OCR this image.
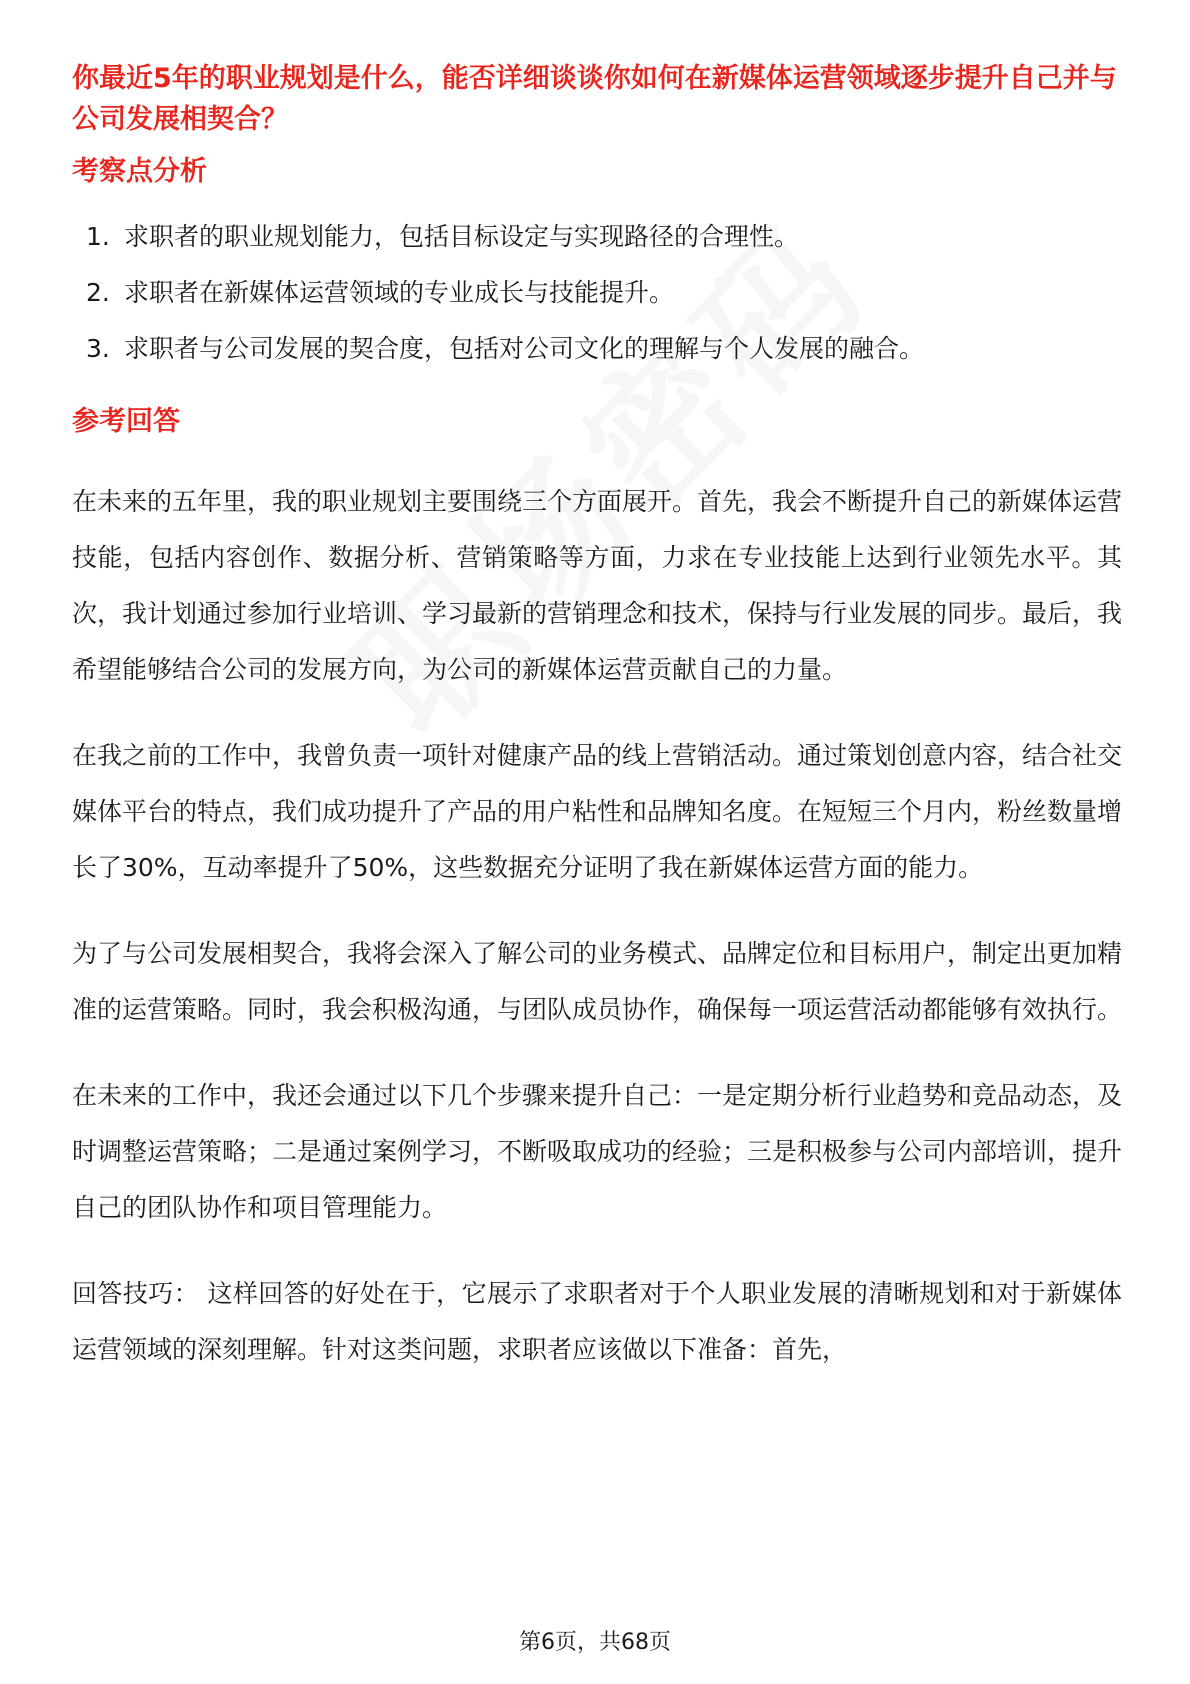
你最近5年的职业规划是什么，能否详细谈谈你如何在新媒体运营领域逐步提升自己并与公司发展相契合？
考察点分析
1. 求职者的职业规划能力，包括目标设定与实现路径的合理性。
2. 求职者在新媒体运营领域的专业成长与技能提升。
3. 求职者与公司发展的契合度，包括对公司文化的理解与个人发展的融合。
参考回答

在未来的五年里，我的职业规划主要围绕三个方面展开。首先，我会不断提升自己的新媒体运营技能，包括内容创作、数据分析、营销策略等方面，力求在专业技能上达到行业领先水平。其次，我计划通过参加行业培训、学习最新的营销理念和技术，保持与行业发展的同步。最后，我希望能够结合公司的发展方向，为公司的新媒体运营贡献自己的力量。

在我之前的工作中，我曾负责一项针对健康产品的线上营销活动。通过策划创意内容，结合社交媒体平台的特点，我们成功提升了产品的用户粘性和品牌知名度。在短短三个月内，粉丝数量增长了30%，互动率提升了50%，这些数据充分证明了我在新媒体运营方面的能力。

为了与公司发展相契合，我将会深入了解公司的业务模式、品牌定位和目标用户，制定出更加精准的运营策略。同时，我会积极沟通，与团队成员协作，确保每一项运营活动都能够有效执行。

在未来的工作中，我还会通过以下几个步骤来提升自己：一是定期分析行业趋势和竞品动态，及时调整运营策略；二是通过案例学习，不断吸取成功的经验；三是积极参与公司内部培训，提升自己的团队协作和项目管理能力。

回答技巧： 这样回答的好处在于，它展示了求职者对于个人职业发展的清晰规划和对于新媒体运营领域的深刻理解。针对这类问题，求职者应该做以下准备：首先，

第6页，共68页
